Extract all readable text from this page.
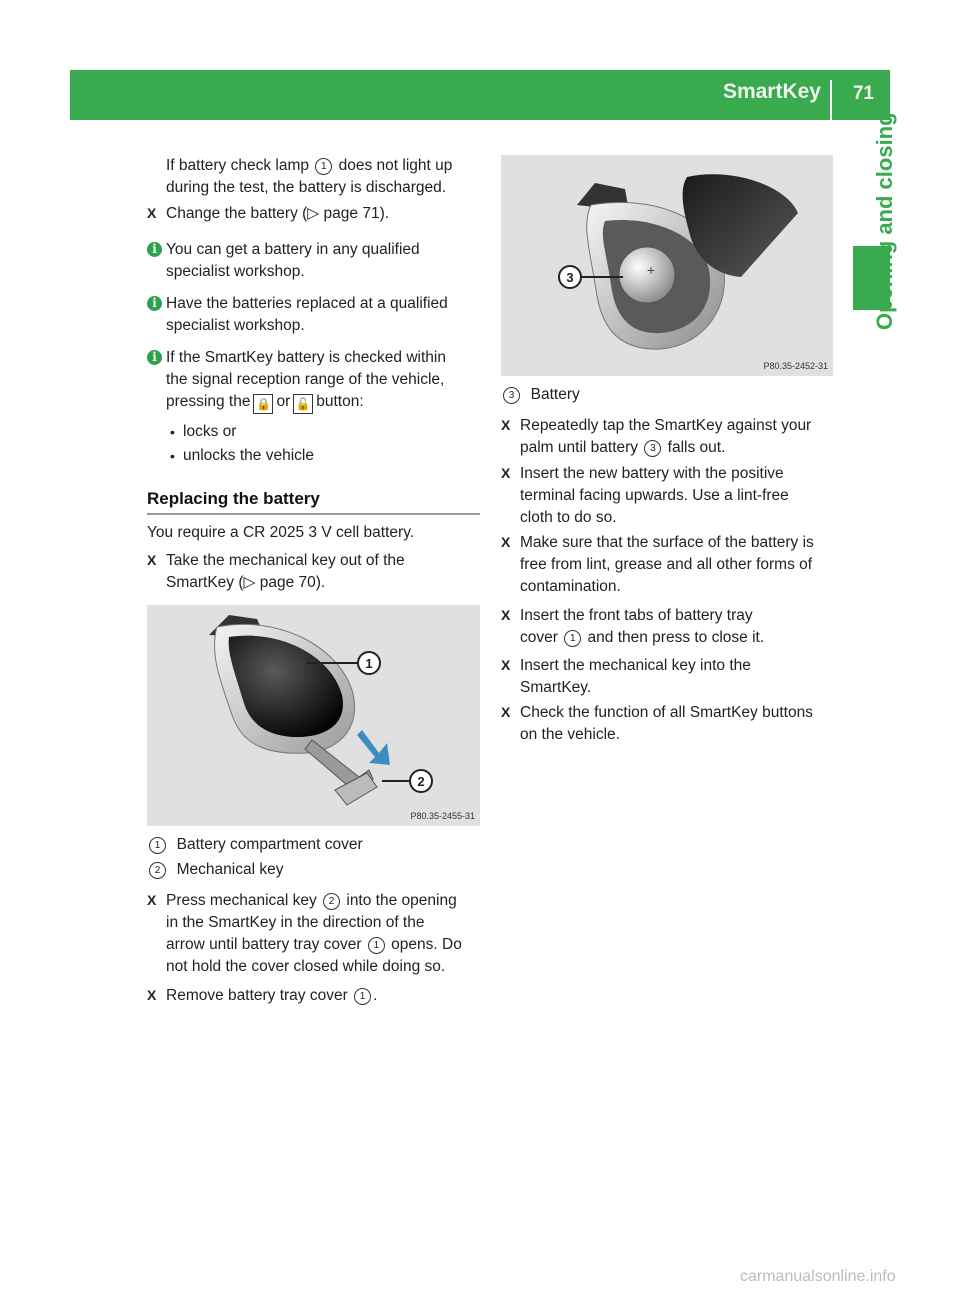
SmartKey 71
Opening and closing
If battery check lamp 1 does not light up
during the test, the battery is discharged.
X Change the battery (▷ page 71).
i You can get a battery in any qualified
specialist workshop.
i Have the batteries replaced at a qualified
specialist workshop.
i If the SmartKey battery is checked within
the signal reception range of the vehicle,
pressing the 🔒 or 🔓 button:
• locks or
• unlocks the vehicle
Replacing the battery
You require a CR 2025 3 V cell battery.
X Take the mechanical key out of the
SmartKey (▷ page 70).
1
2
P80.35-2455-31
1 Battery compartment cover
2 Mechanical key
X Press mechanical key 2 into the opening
in the SmartKey in the direction of the
arrow until battery tray cover 1 opens. Do
not hold the cover closed while doing so.
X Remove battery tray cover 1 .
+
3
P80.35-2452-31
3 Battery
X Repeatedly tap the SmartKey against your
palm until battery 3 falls out.
X Insert the new battery with the positive
terminal facing upwards. Use a lint-free
cloth to do so.
X Make sure that the surface of the battery is
free from lint, grease and all other forms of
contamination.
X Insert the front tabs of battery tray
cover 1 and then press to close it.
X Insert the mechanical key into the
SmartKey.
X Check the function of all SmartKey buttons
on the vehicle.
carmanualsonline.info
